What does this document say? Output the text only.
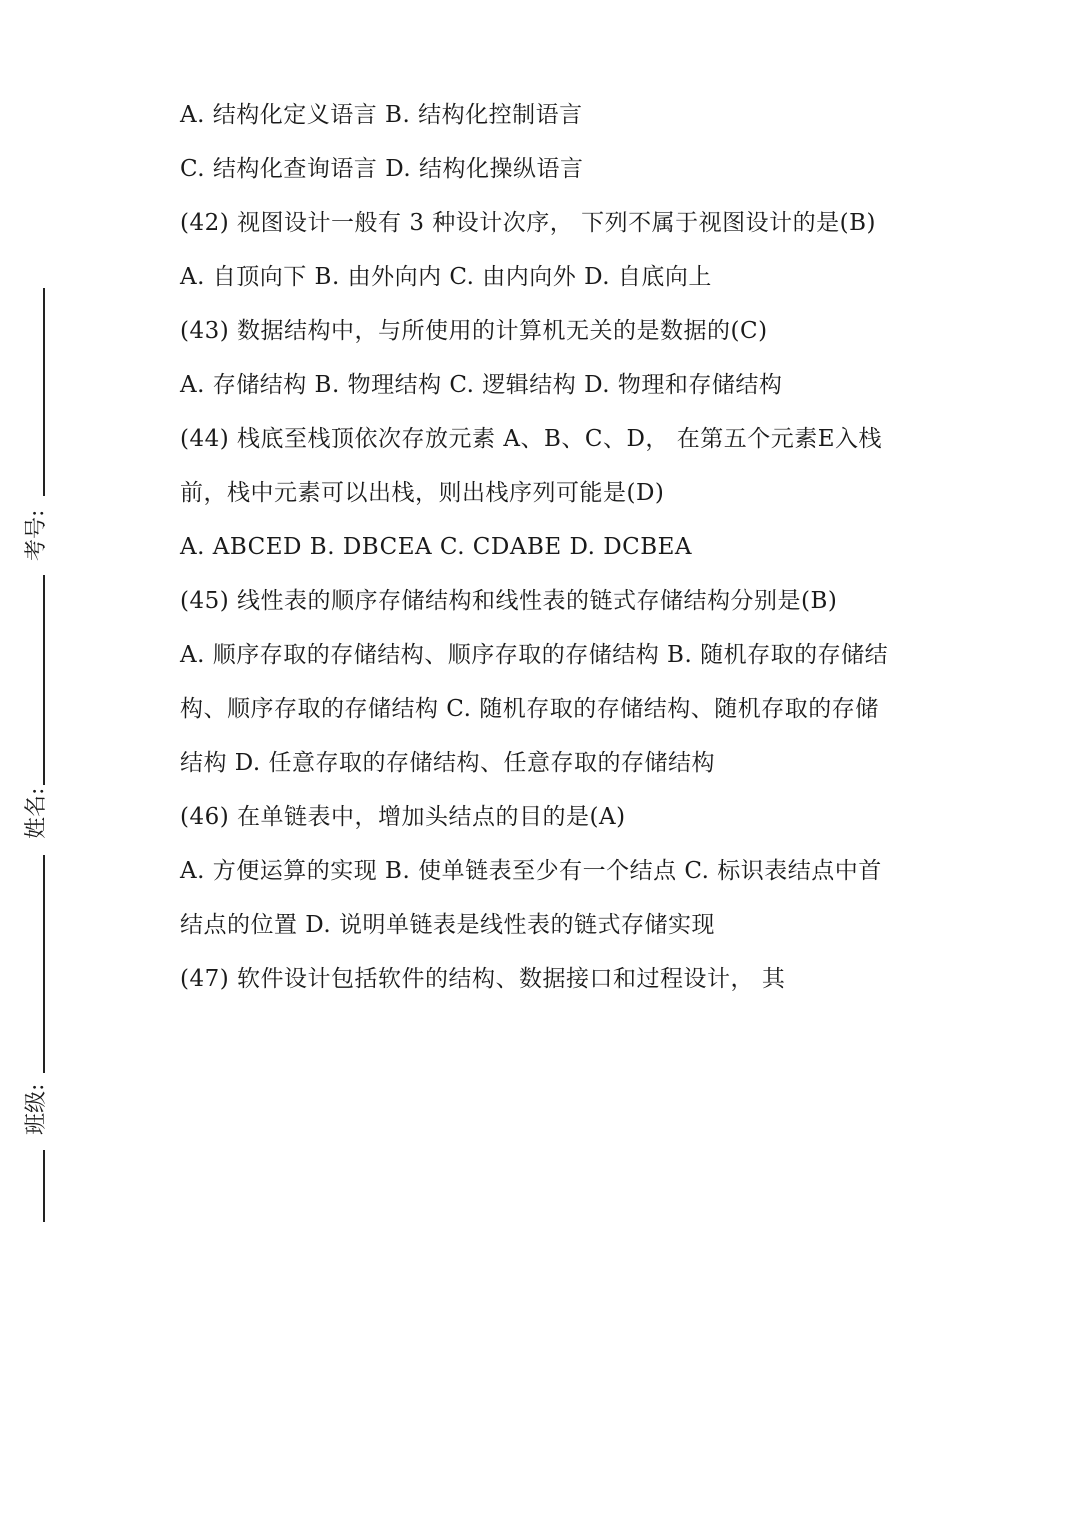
考号:
姓名:
班级:
A. 结构化定义语言 B. 结构化控制语言
C. 结构化查询语言 D. 结构化操纵语言
(42) 视图设计一般有 3 种设计次序， 下列不属于视图设计的是(B)
A. 自顶向下 B. 由外向内 C. 由内向外 D. 自底向上
(43) 数据结构中，与所使用的计算机无关的是数据的(C)
A. 存储结构 B. 物理结构 C. 逻辑结构 D. 物理和存储结构
(44) 栈底至栈顶依次存放元素 A、B、C、D， 在第五个元素E入栈
前，栈中元素可以出栈，则出栈序列可能是(D)
A. ABCED B. DBCEA C. CDABE D. DCBEA
(45) 线性表的顺序存储结构和线性表的链式存储结构分别是(B)
A. 顺序存取的存储结构、顺序存取的存储结构 B. 随机存取的存储结
构、顺序存取的存储结构 C. 随机存取的存储结构、随机存取的存储
结构 D. 任意存取的存储结构、任意存取的存储结构
(46) 在单链表中，增加头结点的目的是(A)
A. 方便运算的实现 B. 使单链表至少有一个结点 C. 标识表结点中首
结点的位置 D. 说明单链表是线性表的链式存储实现
(47) 软件设计包括软件的结构、数据接口和过程设计， 其
